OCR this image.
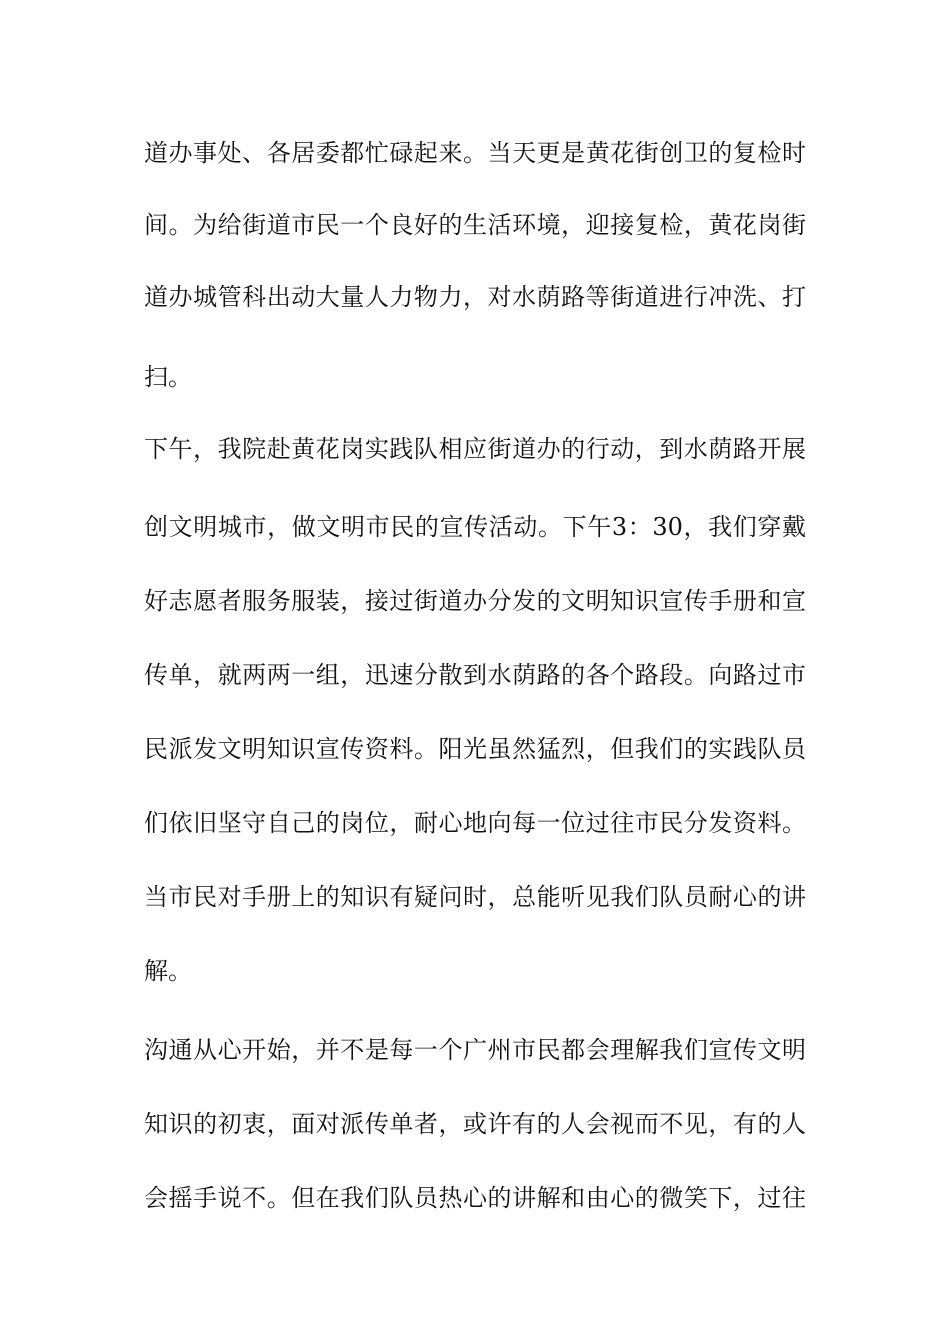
道办事处、各居委都忙碌起来。当天更是黄花街创卫的复检时
间。为给街道市民一个良好的生活环境，迎接复检，黄花岗街
道办城管科出动大量人力物力，对水荫路等街道进行冲洗、打
扫。
下午，我院赴黄花岗实践队相应街道办的行动，到水荫路开展
创文明城市，做文明市民的宣传活动。下午3：30，我们穿戴
好志愿者服务服装，接过街道办分发的文明知识宣传手册和宣
传单，就两两一组，迅速分散到水荫路的各个路段。向路过市
民派发文明知识宣传资料。阳光虽然猛烈，但我们的实践队员
们依旧坚守自己的岗位，耐心地向每一位过往市民分发资料。
当市民对手册上的知识有疑问时，总能听见我们队员耐心的讲
解。
沟通从心开始，并不是每一个广州市民都会理解我们宣传文明
知识的初衷，面对派传单者，或许有的人会视而不见，有的人
会摇手说不。但在我们队员热心的讲解和由心的微笑下，过往
